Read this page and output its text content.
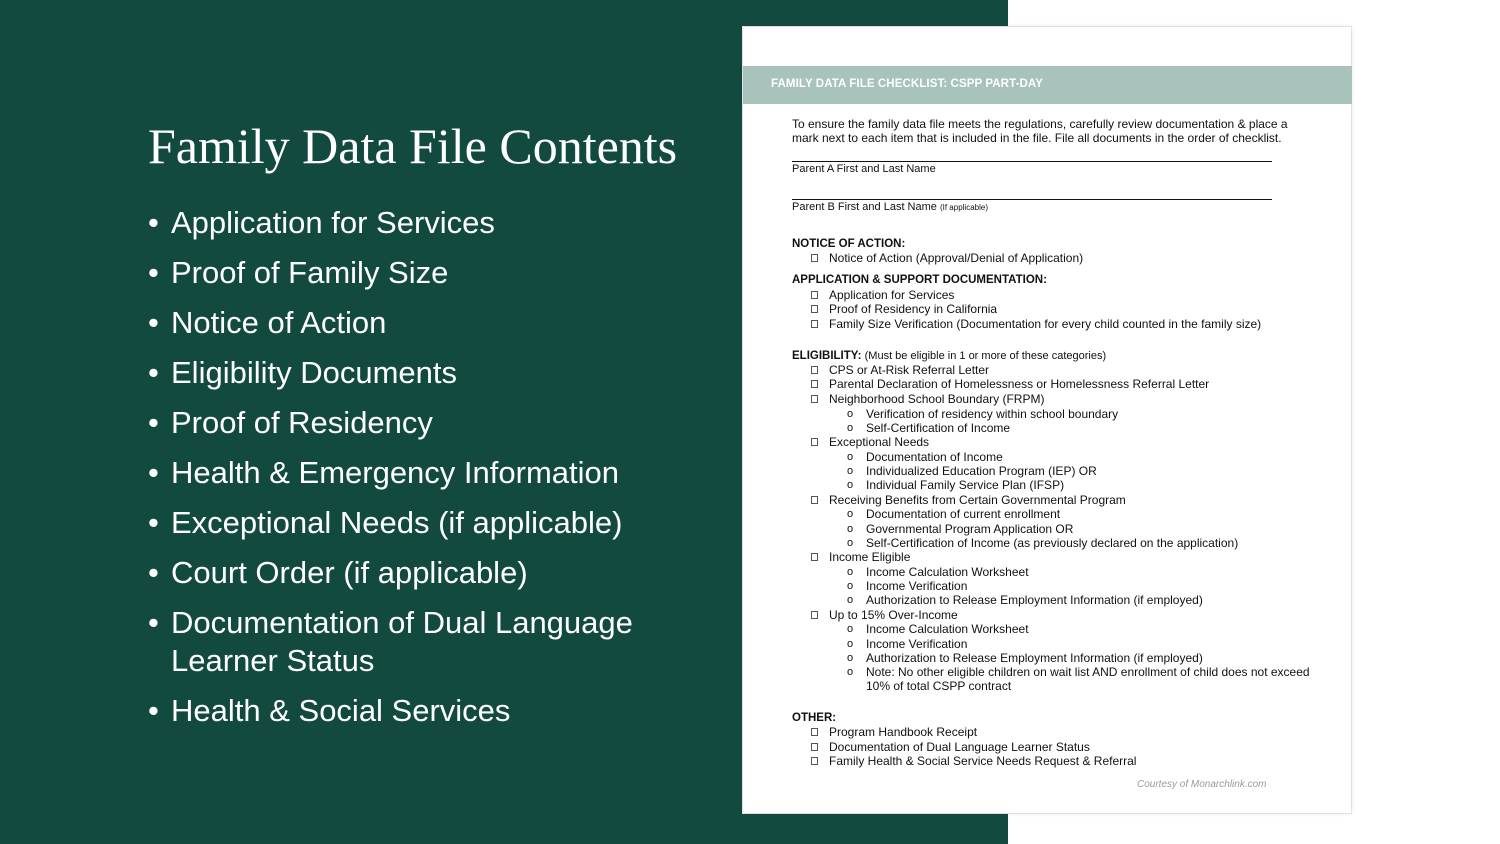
Family Data File Contents
• Application for Services
• Proof of Family Size
• Notice of Action
• Eligibility Documents
• Proof of Residency
• Health & Emergency Information
• Exceptional Needs (if applicable)
• Court Order (if applicable)
• Documentation of Dual Language Learner Status
• Health & Social Services
FAMILY DATA FILE CHECKLIST: CSPP PART-DAY
To ensure the family data file meets the regulations, carefully review documentation & place a mark next to each item that is included in the file. File all documents in the order of checklist.
Parent A First and Last Name
Parent B First and Last Name (If applicable)
NOTICE OF ACTION:
Notice of Action (Approval/Denial of Application)
APPLICATION & SUPPORT DOCUMENTATION:
Application for Services
Proof of Residency in California
Family Size Verification (Documentation for every child counted in the family size)
ELIGIBILITY: (Must be eligible in 1 or more of these categories)
CPS or At-Risk Referral Letter
Parental Declaration of Homelessness or Homelessness Referral Letter
Neighborhood School Boundary (FRPM)
o Verification of residency within school boundary
o Self-Certification of Income
Exceptional Needs
o Documentation of Income
o Individualized Education Program (IEP) OR
o Individual Family Service Plan (IFSP)
Receiving Benefits from Certain Governmental Program
o Documentation of current enrollment
o Governmental Program Application OR
o Self-Certification of Income (as previously declared on the application)
Income Eligible
o Income Calculation Worksheet
o Income Verification
o Authorization to Release Employment Information (if employed)
Up to 15% Over-Income
o Income Calculation Worksheet
o Income Verification
o Authorization to Release Employment Information (if employed)
o Note: No other eligible children on wait list AND enrollment of child does not exceed 10% of total CSPP contract
OTHER:
Program Handbook Receipt
Documentation of Dual Language Learner Status
Family Health & Social Service Needs Request & Referral
Courtesy of Monarchlink.com
